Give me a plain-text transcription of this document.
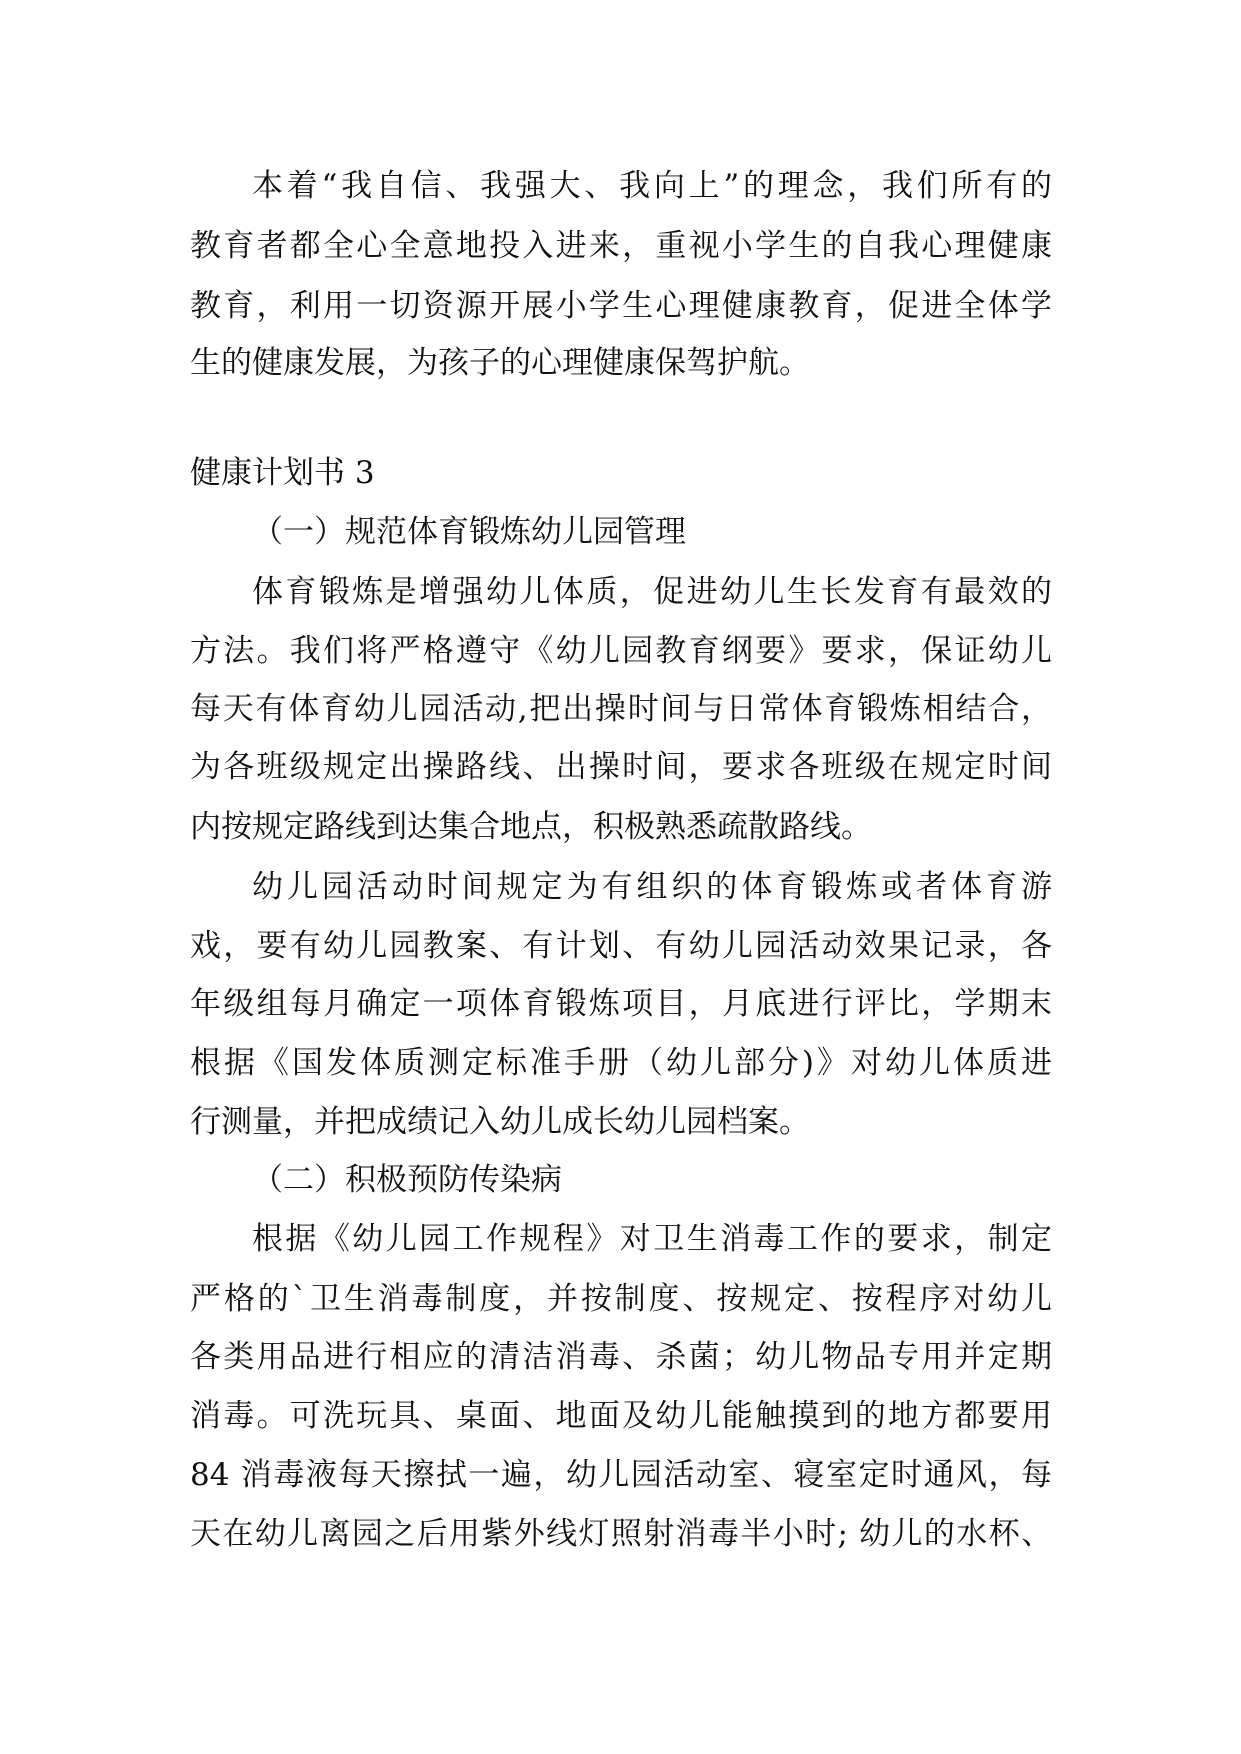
本着“我自信、我强大、我向上”的理念，我们所有的
教育者都全心全意地投入进来，重视小学生的自我心理健康
教育，利用一切资源开展小学生心理健康教育，促进全体学
生的健康发展，为孩子的心理健康保驾护航。
健康计划书 3
（一）规范体育锻炼幼儿园管理
体育锻炼是增强幼儿体质，促进幼儿生长发育有最效的
方法。我们将严格遵守《幼儿园教育纲要》要求，保证幼儿
每天有体育幼儿园活动,把出操时间与日常体育锻炼相结合，
为各班级规定出操路线、出操时间，要求各班级在规定时间
内按规定路线到达集合地点，积极熟悉疏散路线。
幼儿园活动时间规定为有组织的体育锻炼或者体育游
戏，要有幼儿园教案、有计划、有幼儿园活动效果记录，各
年级组每月确定一项体育锻炼项目，月底进行评比，学期末
根据《国发体质测定标准手册（幼儿部分)》对幼儿体质进
行测量，并把成绩记入幼儿成长幼儿园档案。
（二）积极预防传染病
根据《幼儿园工作规程》对卫生消毒工作的要求，制定
严格的`卫生消毒制度，并按制度、按规定、按程序对幼儿
各类用品进行相应的清洁消毒、杀菌；幼儿物品专用并定期
消毒。可洗玩具、桌面、地面及幼儿能触摸到的地方都要用
84 消毒液每天擦拭一遍，幼儿园活动室、寝室定时通风，每
天在幼儿离园之后用紫外线灯照射消毒半小时; 幼儿的水杯、
